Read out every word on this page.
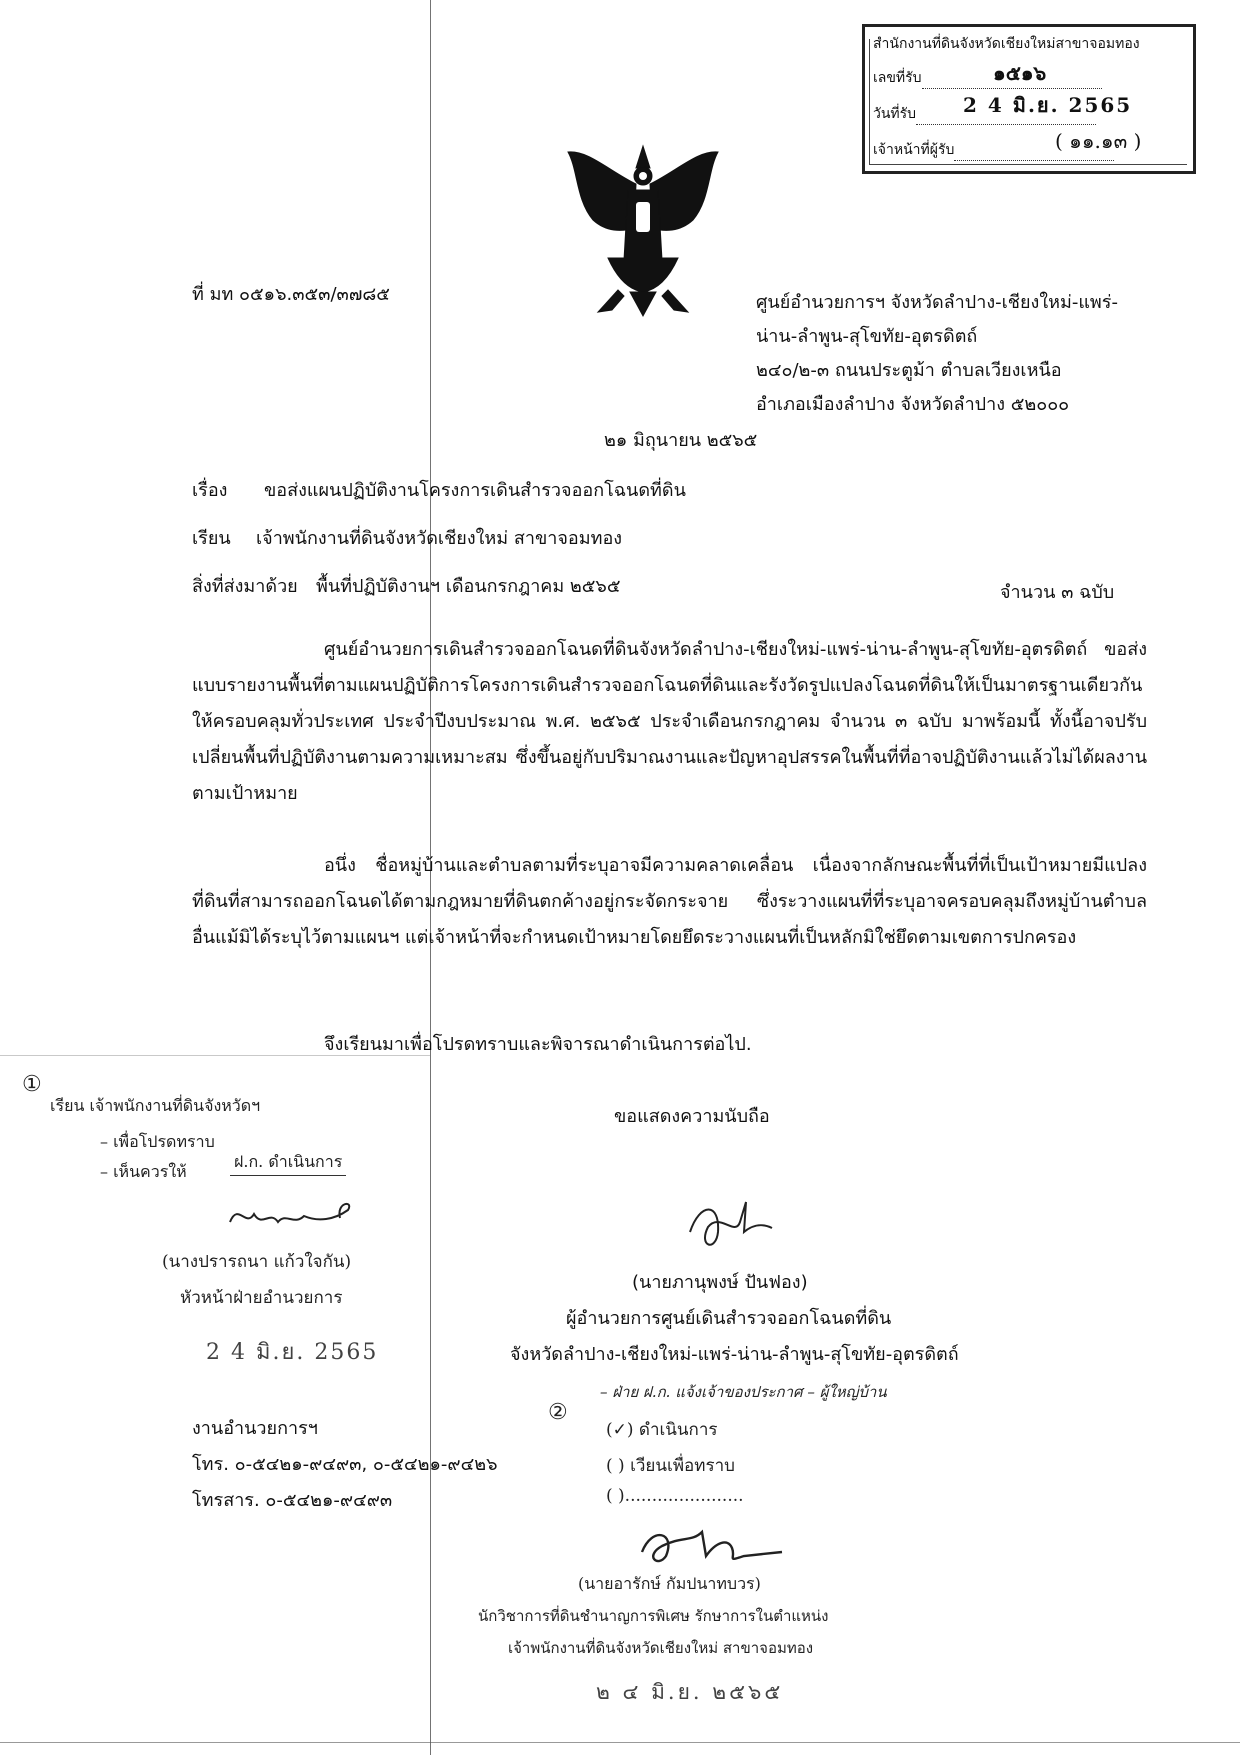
สำนักงานที่ดินจังหวัดเชียงใหม่สาขาจอมทอง
เลขที่รับ	๑๕๑๖
วันที่รับ	2 4 มิ.ย. 2565
เจ้าหน้าที่ผู้รับ	( ๑๑.๑๓ )
ที่ มท ๐๕๑๖.๓๕๓/๓๗๘๕	ศูนย์อำนวยการฯ จังหวัดลำปาง-เชียงใหม่-แพร่-
น่าน-ลำพูน-สุโขทัย-อุตรดิตถ์
๒๔๐/๒-๓ ถนนประตูม้า ตำบลเวียงเหนือ
อำเภอเมืองลำปาง จังหวัดลำปาง ๕๒๐๐๐
๒๑ มิถุนายน ๒๕๖๕
เรื่อง ขอส่งแผนปฏิบัติงานโครงการเดินสำรวจออกโฉนดที่ดิน
เรียน เจ้าพนักงานที่ดินจังหวัดเชียงใหม่ สาขาจอมทอง
สิ่งที่ส่งมาด้วย พื้นที่ปฏิบัติงานฯ เดือนกรกฎาคม ๒๕๖๕	จำนวน ๓ ฉบับ
ศูนย์อำนวยการเดินสำรวจออกโฉนดที่ดินจังหวัดลำปาง-เชียงใหม่-แพร่-น่าน-ลำพูน-สุโขทัย-อุตรดิตถ์ ขอส่งแบบรายงานพื้นที่ตามแผนปฏิบัติการโครงการเดินสำรวจออกโฉนดที่ดินและรังวัดรูปแปลงโฉนดที่ดินให้เป็นมาตรฐานเดียวกันให้ครอบคลุมทั่วประเทศ ประจำปีงบประมาณ พ.ศ. ๒๕๖๕ ประจำเดือนกรกฎาคม จำนวน ๓ ฉบับ มาพร้อมนี้ ทั้งนี้อาจปรับเปลี่ยนพื้นที่ปฏิบัติงานตามความเหมาะสม ซึ่งขึ้นอยู่กับปริมาณงานและปัญหาอุปสรรคในพื้นที่ที่อาจปฏิบัติงานแล้วไม่ได้ผลงานตามเป้าหมาย
อนึ่ง ชื่อหมู่บ้านและตำบลตามที่ระบุอาจมีความคลาดเคลื่อน เนื่องจากลักษณะพื้นที่ที่เป็นเป้าหมายมีแปลงที่ดินที่สามารถออกโฉนดได้ตามกฎหมายที่ดินตกค้างอยู่กระจัดกระจาย ซึ่งระวางแผนที่ที่ระบุอาจครอบคลุมถึงหมู่บ้านตำบลอื่นแม้มิได้ระบุไว้ตามแผนฯ แต่เจ้าหน้าที่จะกำหนดเป้าหมายโดยยึดระวางแผนที่เป็นหลักมิใช่ยึดตามเขตการปกครอง
จึงเรียนมาเพื่อโปรดทราบและพิจารณาดำเนินการต่อไป.
ขอแสดงความนับถือ
(นายภานุพงษ์ ปันฟอง)
ผู้อำนวยการศูนย์เดินสำรวจออกโฉนดที่ดิน
จังหวัดลำปาง-เชียงใหม่-แพร่-น่าน-ลำพูน-สุโขทัย-อุตรดิตถ์
งานอำนวยการฯ
โทร. ๐-๕๔๒๑-๙๔๙๓, ๐-๕๔๒๑-๙๔๒๖
โทรสาร. ๐-๕๔๒๑-๙๔๙๓
①
เรียน เจ้าพนักงานที่ดินจังหวัดฯ
– เพื่อโปรดทราบ
– เห็นควรให้
ฝ.ก. ดำเนินการ
(นางปรารถนา แก้วใจกัน)
หัวหน้าฝ่ายอำนวยการ
2 4 มิ.ย. 2565
②
– ฝ่าย ฝ.ก. แจ้งเจ้าของประกาศ – ผู้ใหญ่บ้าน
(✓) ดำเนินการ
( ) เวียนเพื่อทราบ
( )......................
(นายอารักษ์ กัมปนาทบวร)
นักวิชาการที่ดินชำนาญการพิเศษ รักษาการในตำแหน่ง
เจ้าพนักงานที่ดินจังหวัดเชียงใหม่ สาขาจอมทอง
๒ ๔ มิ.ย. ๒๕๖๕
